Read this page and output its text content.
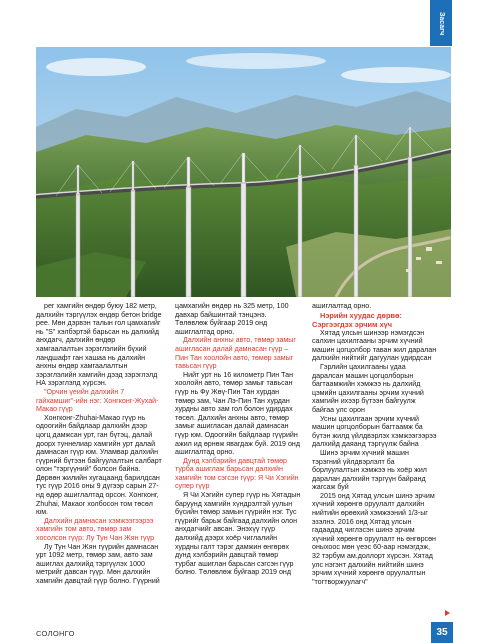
Засагч нчилж

рег хамгийн өндөр буюу 182 метр, далхийн тэргүүлэх өндөр бетон bridge рее. Мөн дэрвэн талын гол цамхагийг нь "S" хэлбэртэй барьсан нь далхийд анхдагч, далхийн өндөр хамгаалалтын зэрэглэлийн бүхий ландшафт ган хашаа нь далхийн анхны өндөр хамгаалалтын зэрэглэлийн хамгийн дээд зэрэглэлд НА зэрэглэлд хүрсэн.

"Орчин үеийн далхийн 7 гайхамшиг"-ийн нэг: Хонгконг-Жухай-Макао гүүр

Хонгконг-Zhuhai-Макао гүүр нь одоогийн байдлаар далхийн дээр цогц дамжсан урт, ган бүтэц, далай доорх туннелиар хамгийн урт далай дамнасан гүүр юм. Уламвар далхийн гүүрний бүтээн байгуулалтын салбарт олон "тэргүүний" болсон байна. Дөрвөн жилийн хугацаанд барилдсан тус гүүр 2016 оны 9 дүгээр сарын 27-нд өдөр ашиглалтад орсон. Хонгконг, Zhuhai, Макаог холбосон том төсөл юм.

Далхийн дамнасан хэмжээгээрээ хамгийн том авто, төмөр зам хосолсон гүүр: Лу Тун Чан Жян гүүр

Лу Тун Чан Жян гүүрийн дамнасан урт 1092 метр, төмөр зам, авто зам ашиглах далхийд тэргүүлэх 1000 метрийг давсан гүүр. Мөн далхийн хамгийн давцтай гүүр болно. Гүүрний

цамхагийн өндөр нь 325 метр, 100 давхар байшинтай тэнцэнэ. Төлөвлөж буйгаар 2019 онд ашиглалтад орно.

Далхийн анхны авто, төмөр замыг ашигласан далай дамнасан гүүр – Пин Тан хоолойн авто, төмөр замыг тавьсан гүүр

Нийт урт нь 16 километр Пин Тан хоолойн авто, төмөр замыг тавьсан гүүр нь Фу Жөү-Пин Тан хурдан төмөр зам, Чан Лэ-Пин Тан хурдан хурдны авто зам гол болон удирдах төсөл. Далхийн анхны авто, төмөр замыг ашигласан далай дамнасан гүүр юм. Одоогийн байдлаар гүүрийн ажил ид өрнөж явагдаж буй. 2019 онд ашиглалтад орно.

Дунд хэлбэрийн давцтай төмөр турба ашиглаж барьсан далхийн хамгийн том сэгсэн гүүр: Я Чи Хэгийн супер гүүр

Я Чи Хэгийн супер гүүр нь Хятадын баруунд хамгийн хүндрэлтэй уулын бүсийн төмөр замын гүүрийн нэг. Тус гүүрийг барьж байгаад далхийн олон анхдагчийг авсан. Энэхүү гүүр далхийд дээрх хоёр чиглалийн хурдны галт тэрэг дамжин өнгөрөх дунд хэлбэрийн давцтай төмөр турбаг ашиглан барьсан сэгсэн гүүр болно. Төлөвлөж буйгаар 2019 онд

ашиглалтад орно.

Нэрийн хуудас дөрвө: Сэргээгдэх эрчим хүч

Хятад улсын шинээр нэмэгдсэн салхин цахилгааны эрчим хүчний машин цогцолбор таван жил даралан далхийн нийтийг дагуулан удирдсан

Гэрлийн цахилгааны үдаа даралсан машин цогцолборын багтаамжийн хэмжээ нь далхийд цэмийн цахилгааны эрчим хүчний хамгийн ихээр бүтээн байгуулж байгаа улс орон

Усны цахилгаан эрчим хүчний машин цогцолборын багтаамж ба бүтэн жилд үйлдвэрлэх хэмжээгээрээ далхийд даяанд тэргүүлж байна

Шинэ эрчим хүчний машин тэрэгний үйлдвэрлэлт ба борлуулалтын хэмжээ нь хоёр жил даралан далхийн тэргүүн байранд жагсаж буй

2015 онд Хятад улсын шинэ эрчим хүчний хөрөнгө оруулалт далхийн нийтийн өрөөхий хэмжээний 1/3-ыг эзэлнэ. 2016 онд Хятад улсын гадаадад чиглэсэн шинэ эрчим хүчний хөрөнгө оруулалт нь өнгөрсөн оныхоос мөн үеэс 60-аар нэмэгдэж, 32 тэрбум ам.доллорт хүрсэн. Хятад улс нэгэнт далхийн нийтийн шинэ эрчим хүчний хөрөнгө оруулалтын "тогтворжуулагч"

СОЛОНГО	35
